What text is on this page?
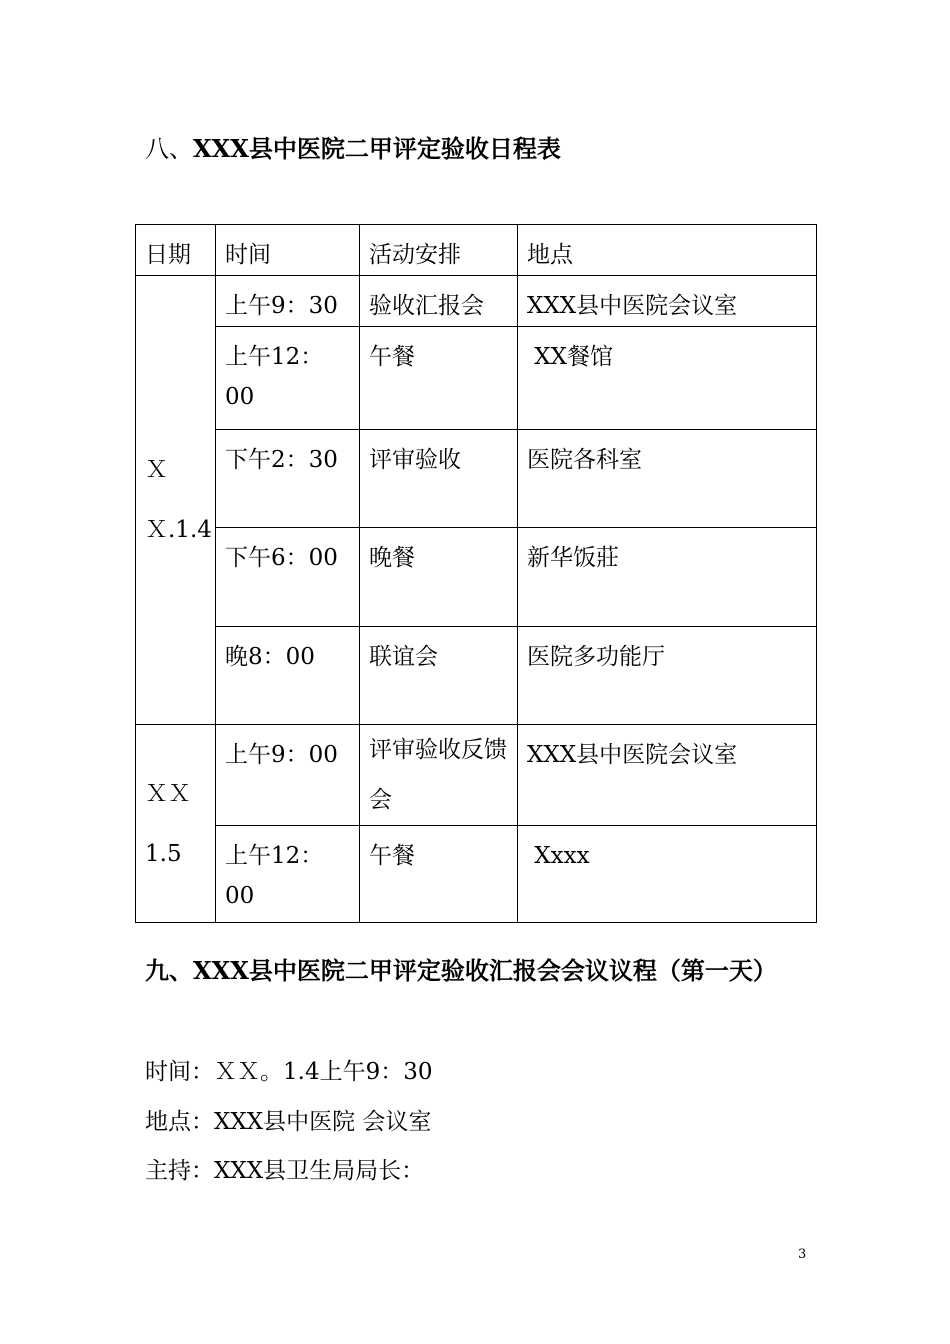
八、XXX县中医院二甲评定验收日程表
日期	时间	活动安排	地点
ＸＸ.1.4	上午9：30	验收汇报会	XXX县中医院会议室
	上午12：00	午餐	XX餐馆
	下午2：30	评审验收	医院各科室
	下午6：00	晚餐	新华饭莊
	晚8：00	联谊会	医院多功能厅
ＸＸ1.5	上午9：00	评审验收反馈会	XXX县中医院会议室
	上午12：00	午餐	Xxxx
九、XXX县中医院二甲评定验收汇报会会议议程（第一天）
时间：ＸＸ。1.4上午9：30
地点：XXX县中医院 会议室
主持：XXX县卫生局局长：
3
